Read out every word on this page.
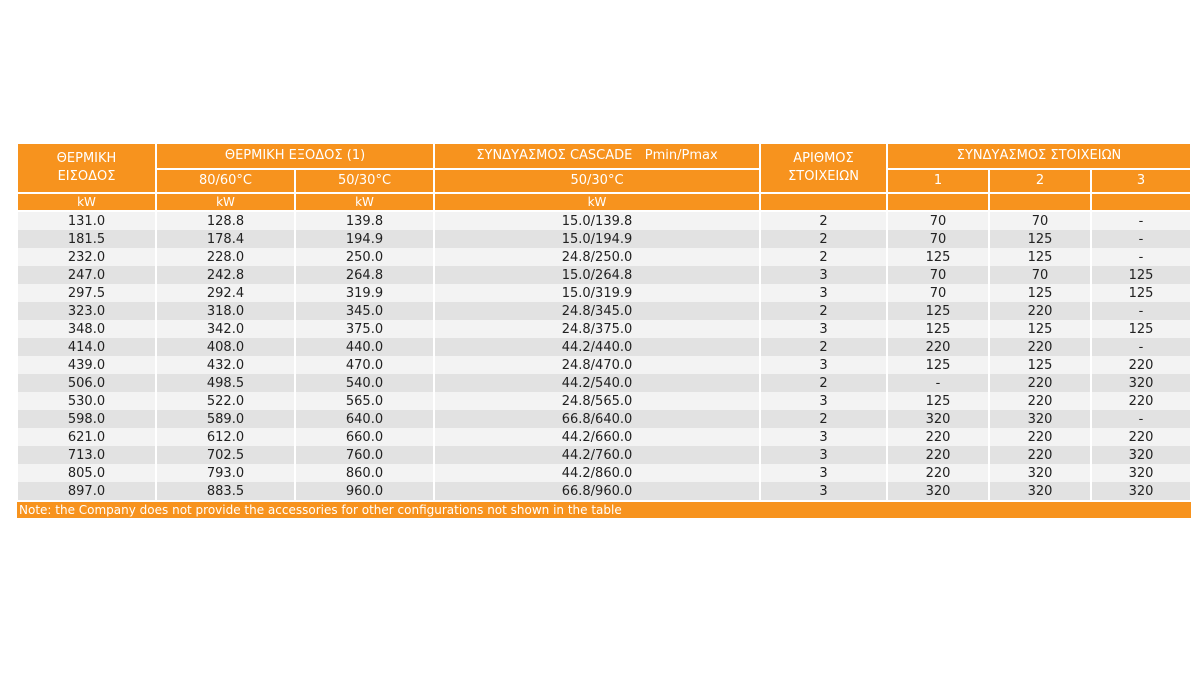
ΘΕΡΜΙΚΗ
ΕΙΣΟΔΟΣ	ΘΕΡΜΙΚΗ ΕΞΟΔΟΣ (1)		ΣΥΝΔΥΑΣΜΟΣ CASCADE   Pmin/Pmax	ΑΡΙΘΜΟΣ
ΣΤΟΙΧΕΙΩΝ	ΣΥΝΔΥΑΣΜΟΣ ΣΤΟΙΧΕΙΩΝ		
	80/60°C	50/30°C	50/30°C		1	2	3
kW	kW	kW	kW				
131.0	128.8	139.8	15.0/139.8	2	70	70	-
181.5	178.4	194.9	15.0/194.9	2	70	125	-
232.0	228.0	250.0	24.8/250.0	2	125	125	-
247.0	242.8	264.8	15.0/264.8	3	70	70	125
297.5	292.4	319.9	15.0/319.9	3	70	125	125
323.0	318.0	345.0	24.8/345.0	2	125	220	-
348.0	342.0	375.0	24.8/375.0	3	125	125	125
414.0	408.0	440.0	44.2/440.0	2	220	220	-
439.0	432.0	470.0	24.8/470.0	3	125	125	220
506.0	498.5	540.0	44.2/540.0	2	-	220	320
530.0	522.0	565.0	24.8/565.0	3	125	220	220
598.0	589.0	640.0	66.8/640.0	2	320	320	-
621.0	612.0	660.0	44.2/660.0	3	220	220	220
713.0	702.5	760.0	44.2/760.0	3	220	220	320
805.0	793.0	860.0	44.2/860.0	3	220	320	320
897.0	883.5	960.0	66.8/960.0	3	320	320	320
Note: the Company does not provide the accessories for other configurations not shown in the table							
